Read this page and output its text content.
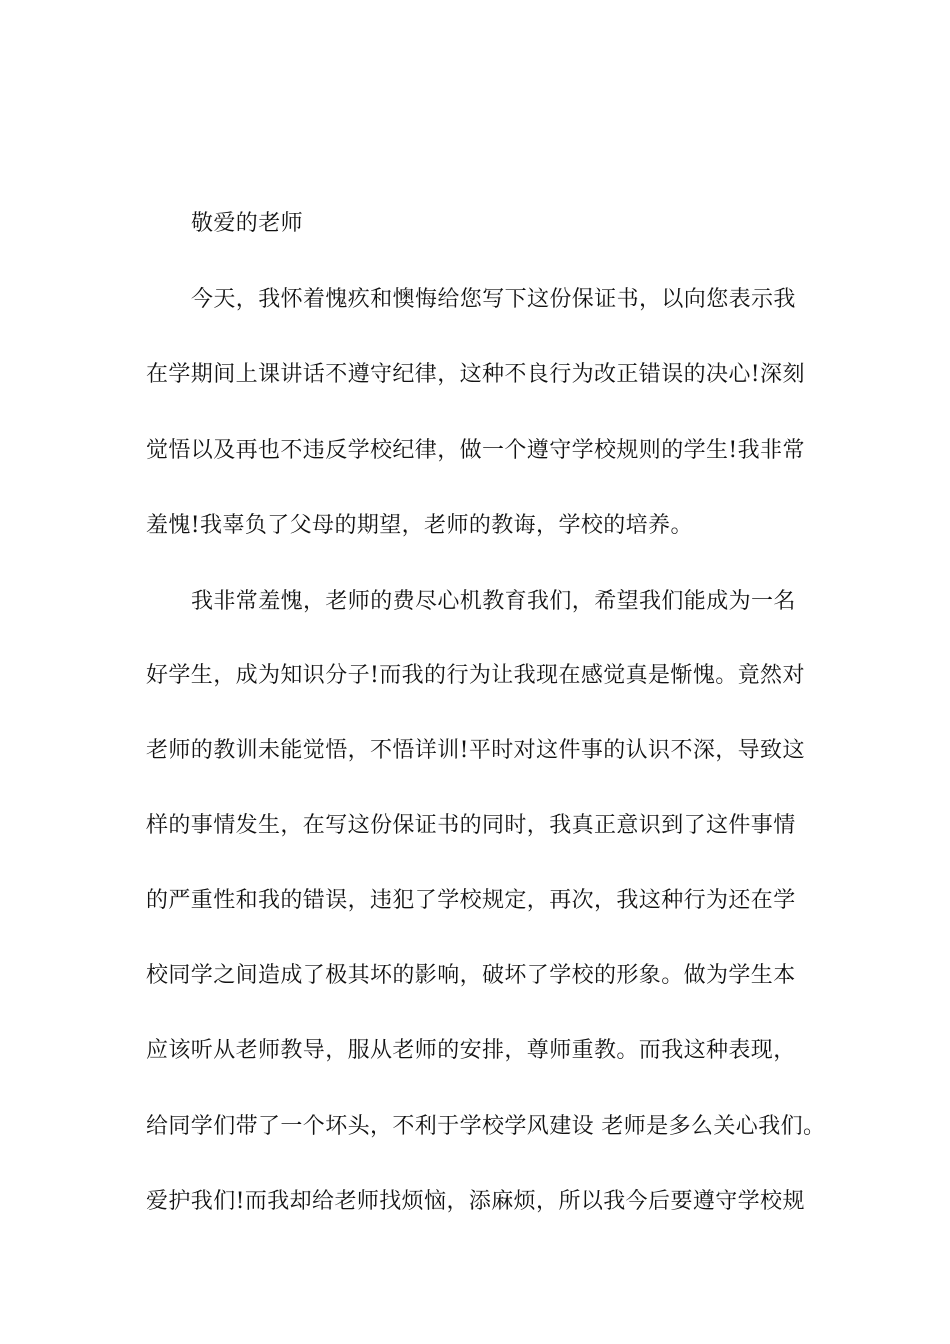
敬爱的老师
今天，我怀着愧疚和懊悔给您写下这份保证书，以向您表示我
在学期间上课讲话不遵守纪律，这种不良行为改正错误的决心!深刻
觉悟以及再也不违反学校纪律，做一个遵守学校规则的学生!我非常
羞愧!我辜负了父母的期望，老师的教诲，学校的培养。
我非常羞愧，老师的费尽心机教育我们，希望我们能成为一名
好学生，成为知识分子!而我的行为让我现在感觉真是惭愧。竟然对
老师的教训未能觉悟，不悟详训!平时对这件事的认识不深，导致这
样的事情发生，在写这份保证书的同时，我真正意识到了这件事情
的严重性和我的错误，违犯了学校规定，再次，我这种行为还在学
校同学之间造成了极其坏的影响，破坏了学校的形象。做为学生本
应该听从老师教导，服从老师的安排，尊师重教。而我这种表现，
给同学们带了一个坏头，不利于学校学风建设 老师是多么关心我们。
爱护我们!而我却给老师找烦恼，添麻烦，所以我今后要遵守学校规
